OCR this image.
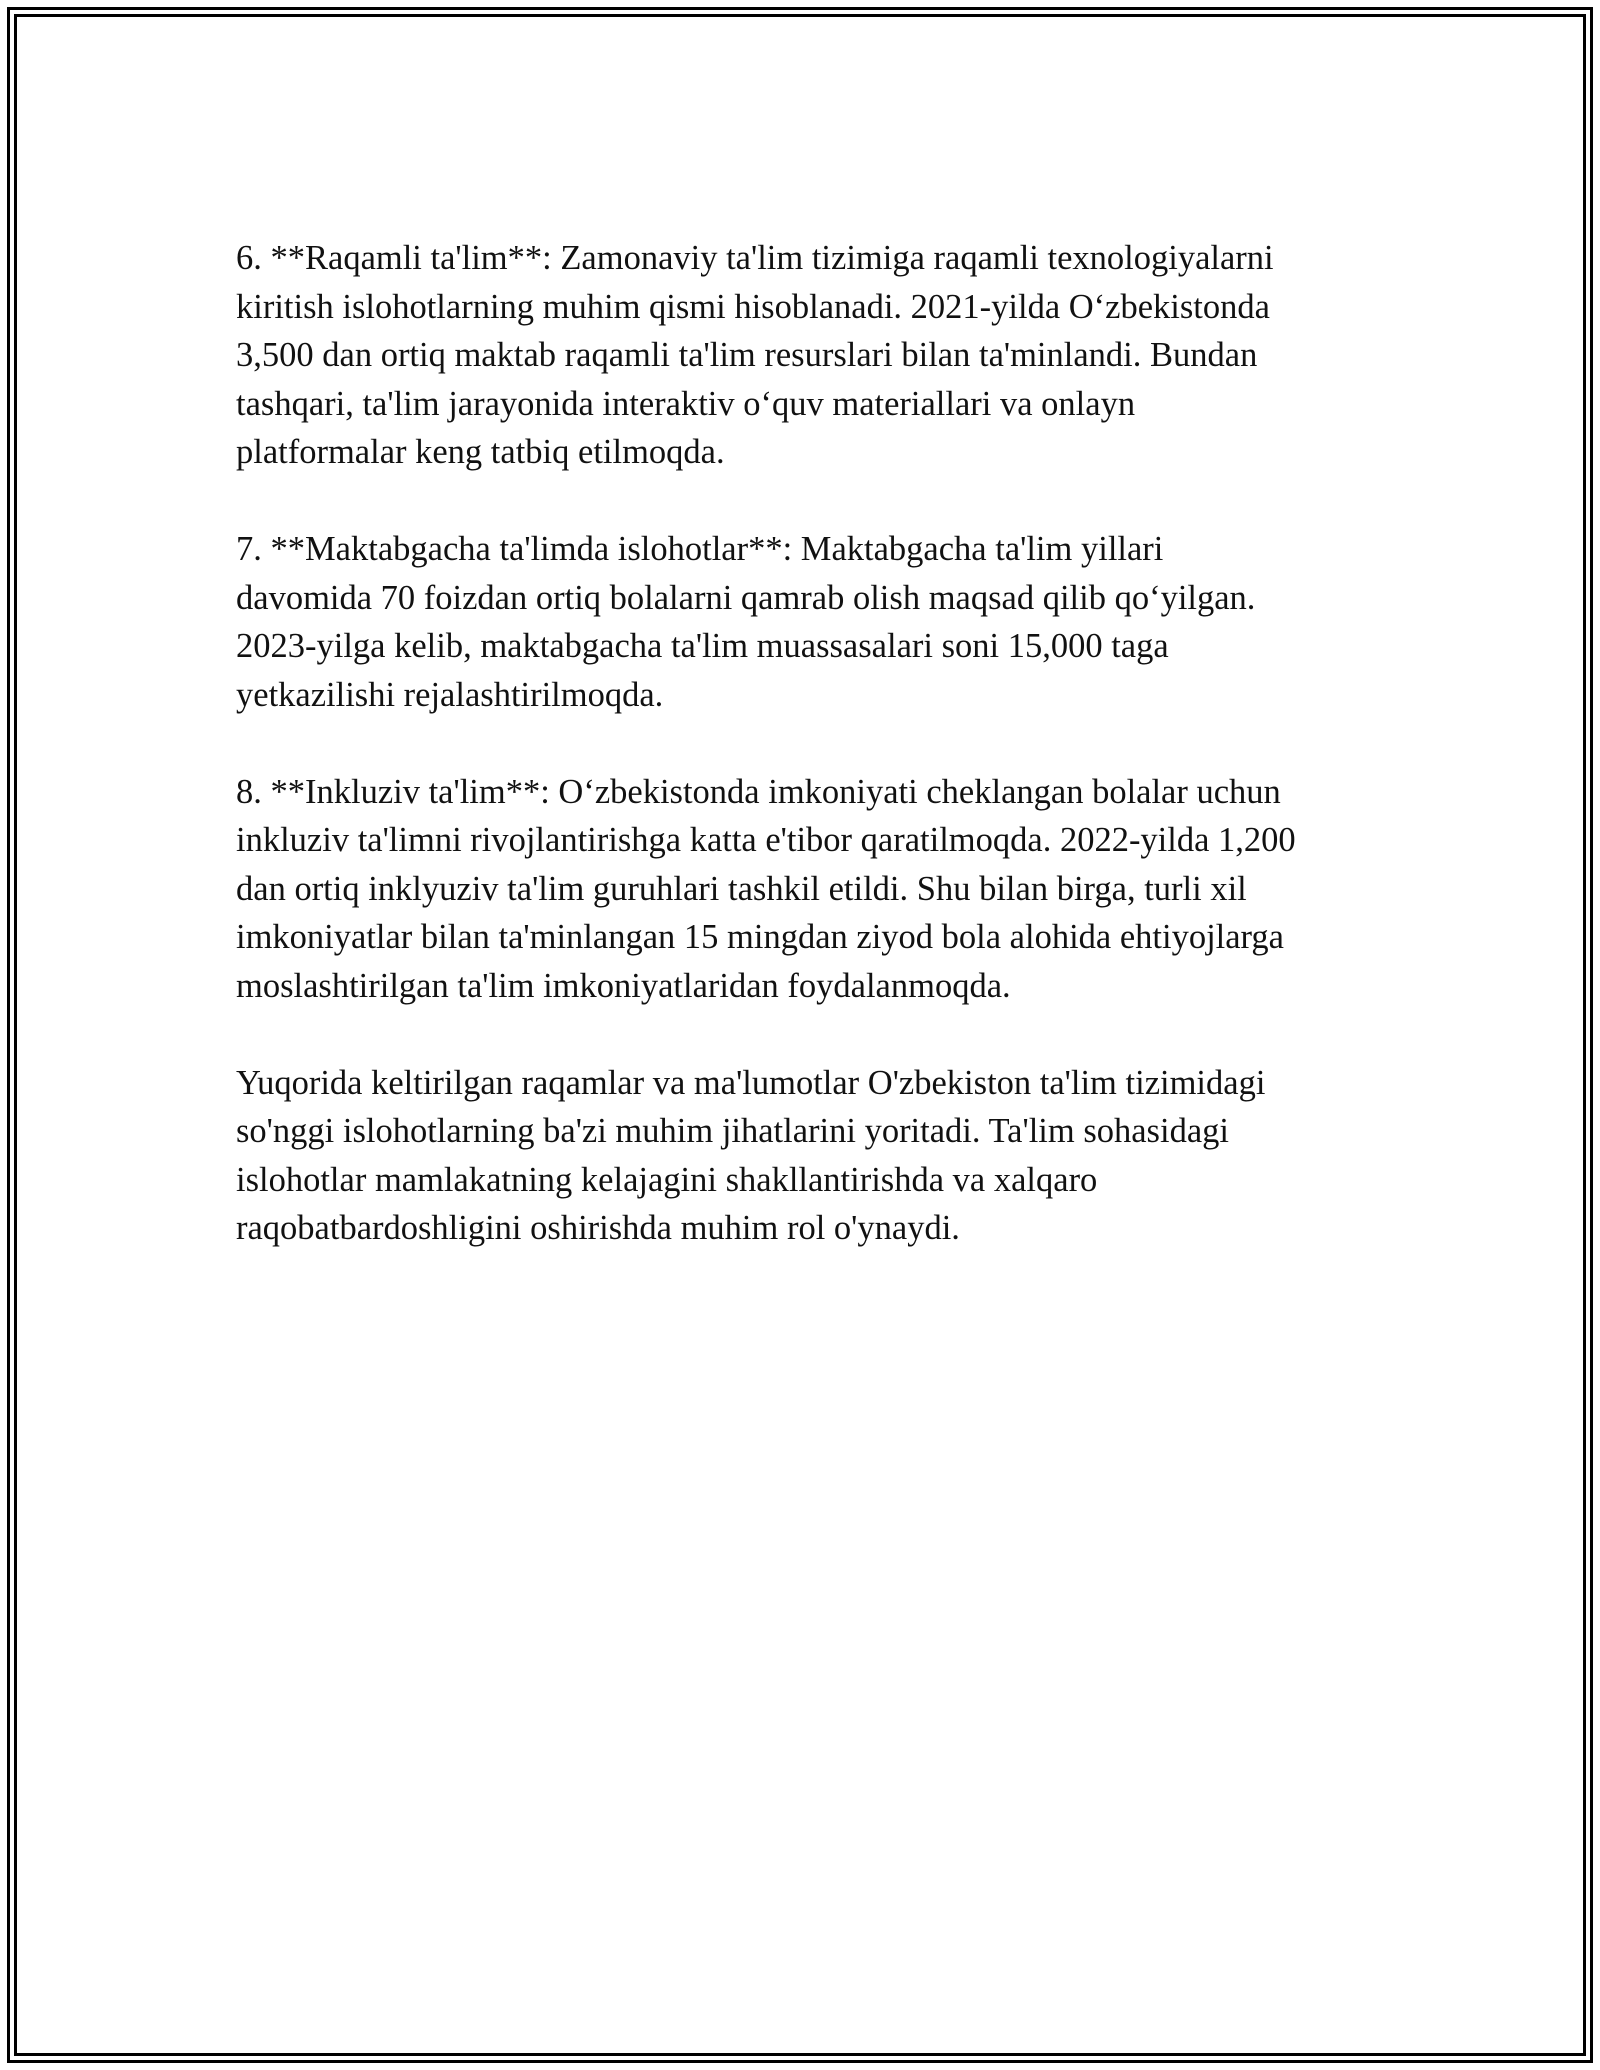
6. **Raqamli ta'lim**: Zamonaviy ta'lim tizimiga raqamli texnologiyalarni
kiritish islohotlarning muhim qismi hisoblanadi. 2021-yilda O‘zbekistonda
3,500 dan ortiq maktab raqamli ta'lim resurslari bilan ta'minlandi. Bundan
tashqari, ta'lim jarayonida interaktiv o‘quv materiallari va onlayn
platformalar keng tatbiq etilmoqda.

7. **Maktabgacha ta'limda islohotlar**: Maktabgacha ta'lim yillari
davomida 70 foizdan ortiq bolalarni qamrab olish maqsad qilib qo‘yilgan.
2023-yilga kelib, maktabgacha ta'lim muassasalari soni 15,000 taga
yetkazilishi rejalashtirilmoqda.

8. **Inkluziv ta'lim**: O‘zbekistonda imkoniyati cheklangan bolalar uchun
inkluziv ta'limni rivojlantirishga katta e'tibor qaratilmoqda. 2022-yilda 1,200
dan ortiq inklyuziv ta'lim guruhlari tashkil etildi. Shu bilan birga, turli xil
imkoniyatlar bilan ta'minlangan 15 mingdan ziyod bola alohida ehtiyojlarga
moslashtirilgan ta'lim imkoniyatlaridan foydalanmoqda.

Yuqorida keltirilgan raqamlar va ma'lumotlar O'zbekiston ta'lim tizimidagi
so'nggi islohotlarning ba'zi muhim jihatlarini yoritadi. Ta'lim sohasidagi
islohotlar mamlakatning kelajagini shakllantirishda va xalqaro
raqobatbardoshligini oshirishda muhim rol o'ynaydi.
